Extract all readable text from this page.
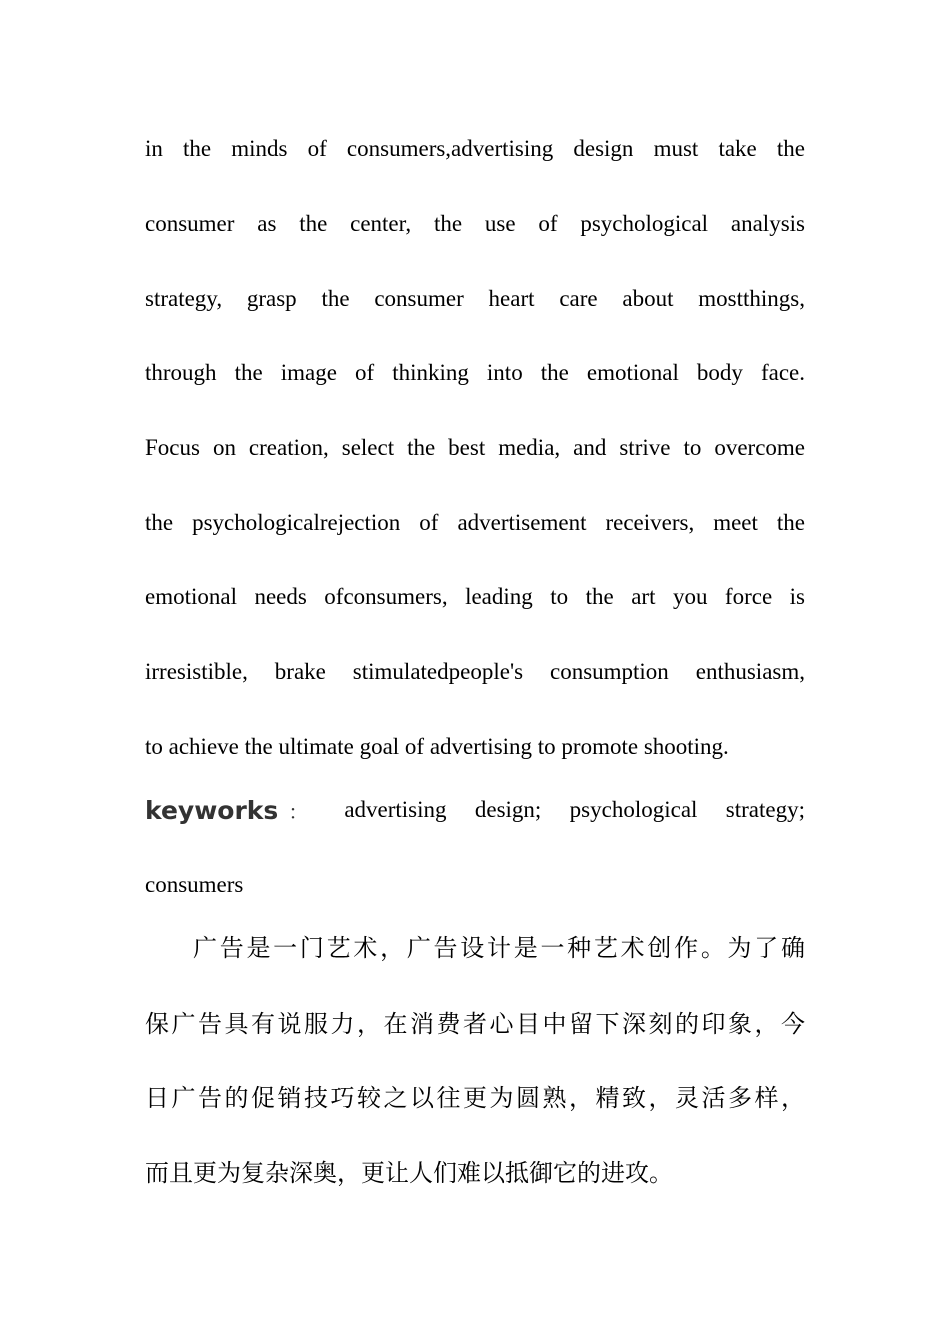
in the minds of consumers,advertising design must take the
consumer as the center, the use of psychological analysis
strategy, grasp the consumer heart care about mostthings,
through the image of thinking into the emotional body face.
Focus on creation, select the best media, and strive to overcome
the psychologicalrejection of advertisement receivers, meet the
emotional needs ofconsumers, leading to the art you force is
irresistible, brake stimulatedpeople's consumption enthusiasm,
to achieve the ultimate goal of advertising to promote shooting.
keyworks ： advertising design; psychological strategy;
consumers
广告是一门艺术，广告设计是一种艺术创作。为了确
保广告具有说服力，在消费者心目中留下深刻的印象，今
日广告的促销技巧较之以往更为圆熟，精致，灵活多样，
而且更为复杂深奥，更让人们难以抵御它的进攻。
